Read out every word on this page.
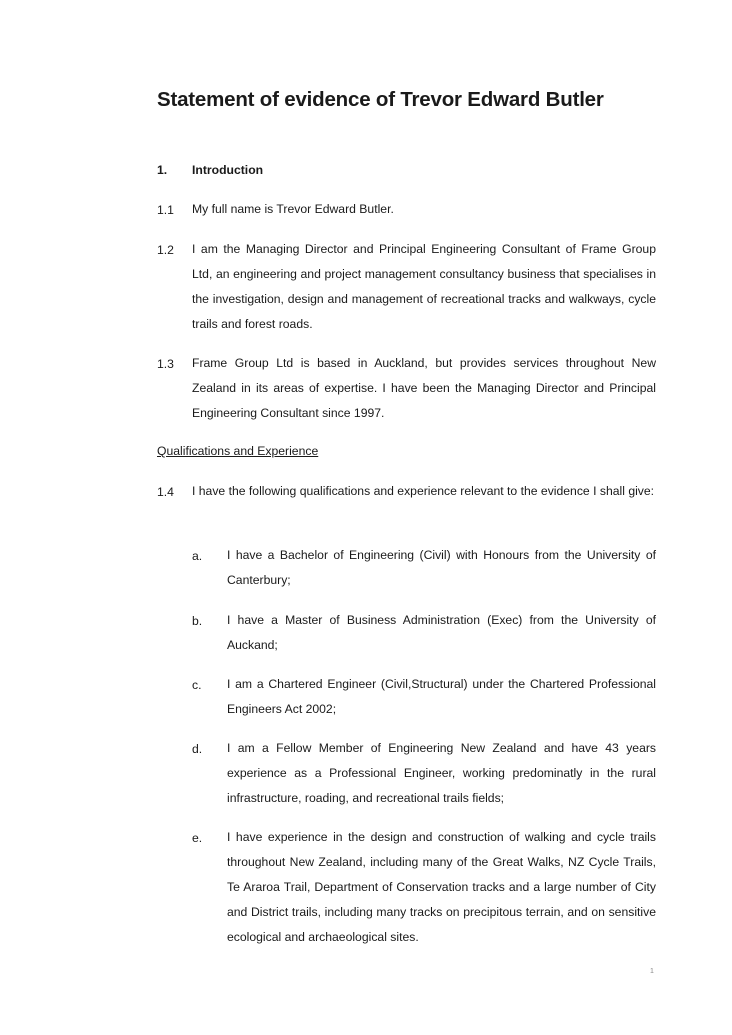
Statement of evidence of Trevor Edward Butler
1. Introduction
1.1 My full name is Trevor Edward Butler.
1.2 I am the Managing Director and Principal Engineering Consultant of Frame Group Ltd, an engineering and project management consultancy business that specialises in the investigation, design and management of recreational tracks and walkways, cycle trails and forest roads.
1.3 Frame Group Ltd is based in Auckland, but provides services throughout New Zealand in its areas of expertise. I have been the Managing Director and Principal Engineering Consultant since 1997.
Qualifications and Experience
1.4 I have the following qualifications and experience relevant to the evidence I shall give:
a. I have a Bachelor of Engineering (Civil) with Honours from the University of Canterbury;
b. I have a Master of Business Administration (Exec) from the University of Auckand;
c. I am a Chartered Engineer (Civil,Structural) under the Chartered Professional Engineers Act 2002;
d. I am a Fellow Member of Engineering New Zealand and have 43 years experience as a Professional Engineer, working predominatly in the rural infrastructure, roading, and recreational trails fields;
e. I have experience in the design and construction of walking and cycle trails throughout New Zealand, including many of the Great Walks, NZ Cycle Trails, Te Araroa Trail, Department of Conservation tracks and a large number of City and District trails, including many tracks on precipitous terrain, and on sensitive ecological and archaeological sites.
1
